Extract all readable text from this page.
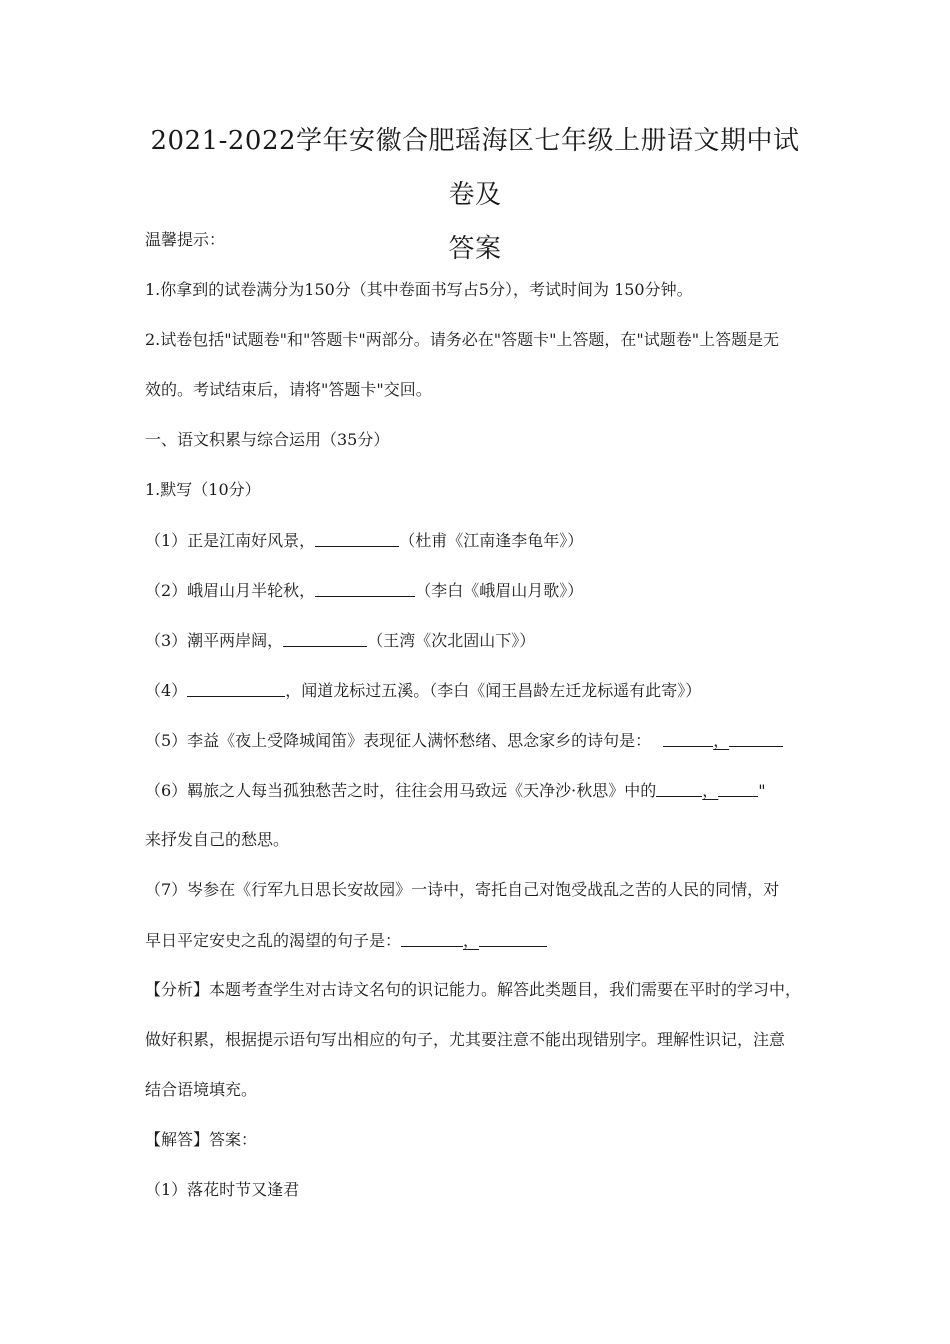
2021-2022学年安徽合肥瑶海区七年级上册语文期中试卷及
答案
温馨提示：
1.你拿到的试卷满分为150分（其中卷面书写占5分），考试时间为 150分钟。
2.试卷包括"试题卷"和"答题卡"两部分。请务必在"答题卡"上答题，在"试题卷"上答题是无
效的。考试结束后，请将"答题卡"交回。
一、语文积累与综合运用（35分）
1.默写（10分）
（1）正是江南好风景，	（杜甫《江南逢李龟年》）
（2）峨眉山月半轮秋，	（李白《峨眉山月歌》）
（3）潮平两岸阔，	（王湾《次北固山下》）
（4）	，闻道龙标过五溪。（李白《闻王昌龄左迁龙标遥有此寄》）
（5）李益《夜上受降城闻笛》表现征人满怀愁绪、思念家乡的诗句是：	，
（6）羁旅之人每当孤独愁苦之时，往往会用马致远《天净沙·秋思》中的	，	"
来抒发自己的愁思。
（7）岑参在《行军九日思长安故园》一诗中，寄托自己对饱受战乱之苦的人民的同情，对
早日平定安史之乱的渴望的句子是：	，
【分析】本题考查学生对古诗文名句的识记能力。解答此类题目，我们需要在平时的学习中，
做好积累，根据提示语句写出相应的句子，尤其要注意不能出现错别字。理解性识记，注意
结合语境填充。
【解答】答案：
（1）落花时节又逢君
